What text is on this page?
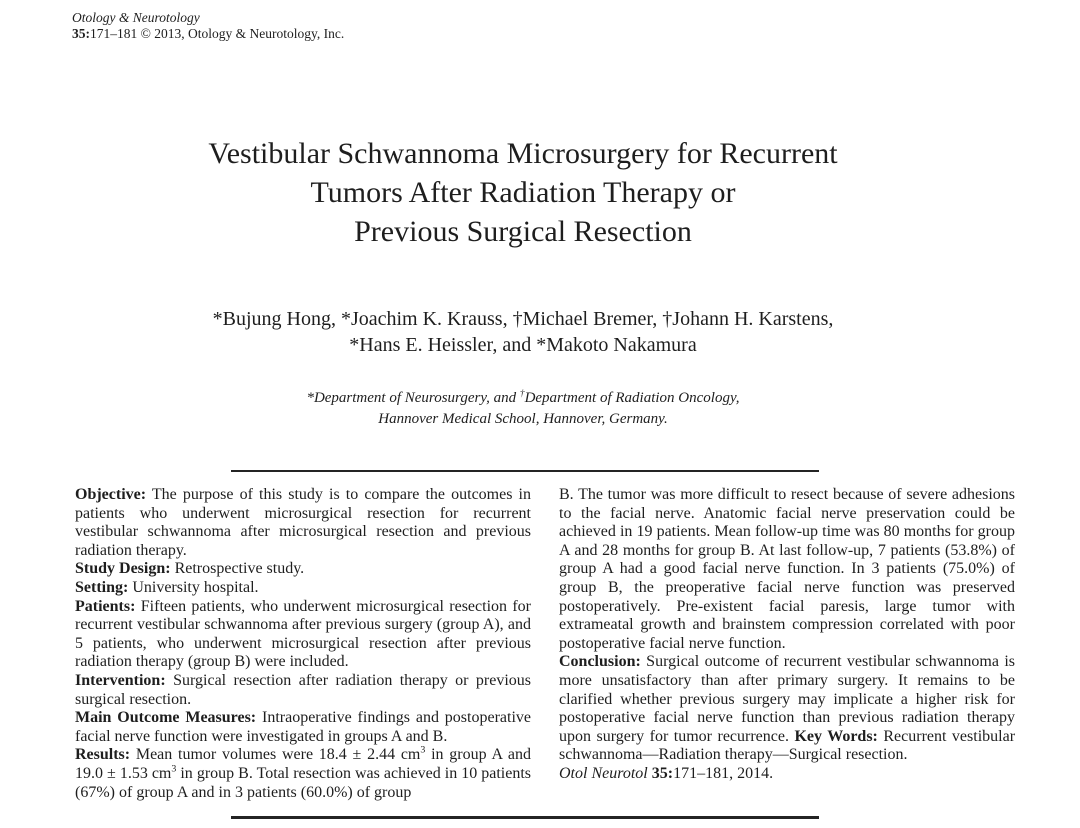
Otology & Neurotology
35:171–181 © 2013, Otology & Neurotology, Inc.
Vestibular Schwannoma Microsurgery for Recurrent
Tumors After Radiation Therapy or
Previous Surgical Resection
*Bujung Hong, *Joachim K. Krauss, †Michael Bremer, †Johann H. Karstens,
*Hans E. Heissler, and *Makoto Nakamura
*Department of Neurosurgery, and †Department of Radiation Oncology,
Hannover Medical School, Hannover, Germany.

Objective: The purpose of this study is to compare the outcomes in patients who underwent microsurgical resection for recurrent vestibular schwannoma after microsurgical resection and previous radiation therapy.

Study Design: Retrospective study.

Setting: University hospital.

Patients: Fifteen patients, who underwent microsurgical resection for recurrent vestibular schwannoma after previous surgery (group A), and 5 patients, who underwent microsurgical resection after previous radiation therapy (group B) were included.

Intervention: Surgical resection after radiation therapy or previous surgical resection.

Main Outcome Measures: Intraoperative findings and postoperative facial nerve function were investigated in groups A and B.

Results: Mean tumor volumes were 18.4 ± 2.44 $cm^3$ in group A and 19.0 ± 1.53 $cm^3$ in group B. Total resection was achieved in 10 patients (67%) of group A and in 3 patients (60.0%) of group

B. The tumor was more difficult to resect because of severe adhesions to the facial nerve. Anatomic facial nerve preservation could be achieved in 19 patients. Mean follow-up time was 80 months for group A and 28 months for group B. At last follow-up, 7 patients (53.8%) of group A had a good facial nerve function. In 3 patients (75.0%) of group B, the preoperative facial nerve function was preserved postoperatively. Pre-existent facial paresis, large tumor with extrameatal growth and brainstem compression correlated with poor postoperative facial nerve function.

Conclusion: Surgical outcome of recurrent vestibular schwannoma is more unsatisfactory than after primary surgery. It remains to be clarified whether previous surgery may implicate a higher risk for postoperative facial nerve function than previous radiation therapy upon surgery for tumor recurrence. Key Words: Recurrent vestibular schwannoma—Radiation therapy—Surgical resection.

Otol Neurotol 35:171–181, 2014.
